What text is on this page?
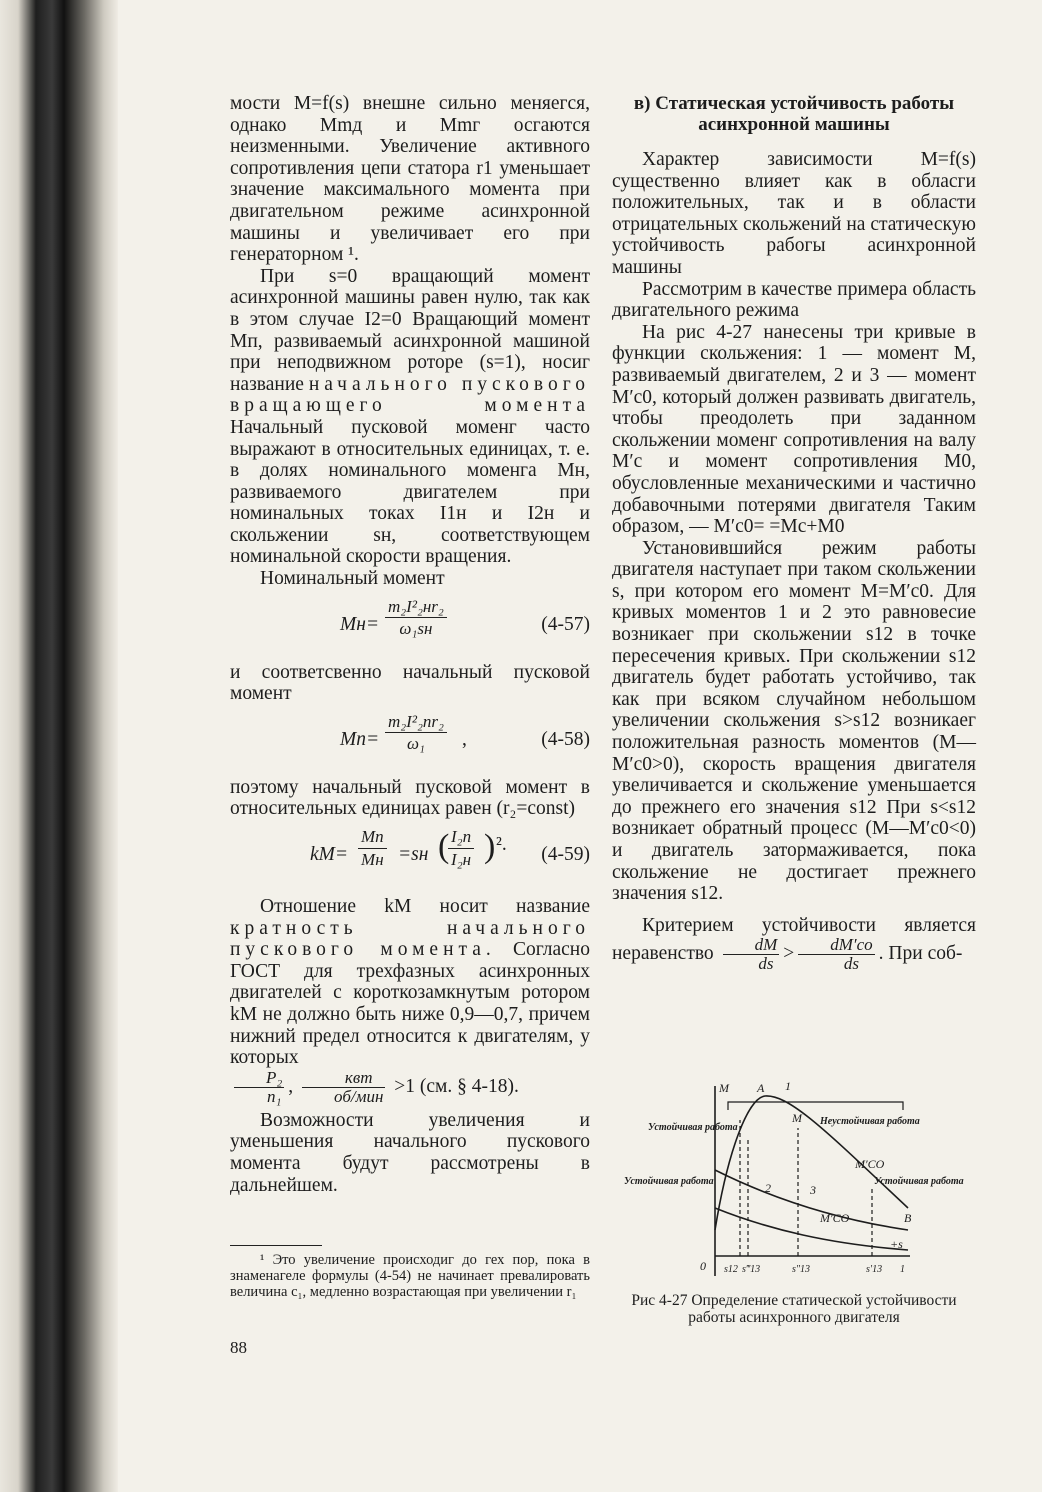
мости M=f(s) внешне сильно меняегся, однако Mmд и Mmг осгаются неизменными. Увеличение активного сопротивления цепи статора r1 уменьшает значение максимального момента при двигательном режиме асинхронной машины и увеличивает его при генераторном ¹.

При s=0 вращающий момент асинхронной машины равен нулю, так как в этом случае I2=0 Вращающий момент Mп, развиваемый асинхронной машиной при неподвижном роторе (s=1), носиг название начального пускового вращающего момента Начальный пусковой моменг часто выражают в относительных единицах, т. е. в долях номинального моменга Mн, развиваемого двигателем при номинальных токах I1н и I2н и скольжении sн, соответствующем номинальной скорости вращения.

Номинальный момент

Mн=
m₂I²₂нr₂
ω₁sн	(4-57)

и соответсвенно начальный пусковой момент

Mп=
m₂I²₂пr₂
ω₁	,	(4-58)

поэтому начальный пусковой момент в относительных единицах равен (r₂=const)

kM=
Mп
Mн =sн ( I₂п
I₂н ) ². (4-59)

Отношение kM носит название кратность начального пускового момента. Согласно ГОСТ для трехфазных асинхронных двигателей с короткозамкнутым ротором kM не должно быть ниже 0,9—0,7, причем нижний предел относится к двигателям, у которых

$\frac{\text{P₂}}{\text{n₁}}$ ,	квт
об/мин >1 (см. § 4-18).

Возможности увеличения и уменьшения начального пускового момента будут рассмотрены в дальнейшем.

¹ Это увеличение происходиг до гех пор, пока в знаменагеле формулы (4-54) не начинает превалировать величина c₁, медленно возрастающая при увеличении r₁

88

в) Статическая устойчивость работы асинхронной машины

Характер зависимости M=f(s) существенно влияет как в облaсги положительных, так и в области отрицательных скольжений на статическую устойчивость рабогы асинхронной машины

Рассмотрим в качестве примера область двигательного режима

На рис 4-27 нанесены три кривые в функции скольжения: 1 — момент M, развиваемый двигателем, 2 и 3 — момент M′c0, который должен развивать двигатель, чтобы преодолеть при заданном скольжении моменг сопротивления на валу M′c и момент сопротивления M0, обусловленные механическими и частично добавочными потерями двигателя Таким образом, — M′c0= =Mc+M0

Установившийся режим работы двигателя наступает при таком скольжении s, при котором его момент M=M′c0. Для кривых моментов 1 и 2 это равновесие возникаег при скольжении s12 в точке пересечения кривых. При скольжении s12 двигатель будет работать устойчиво, так как при всяком случайном небольшом увеличении скольжения s>s12 возникаег положительная разность моментов (M—M′c0>0), скорость вращения двигателя увеличивается и скольжение уменьшается до прежнего его значения s12 При s<s12 возникает обратный процесс (M—M′c0<0) и двигатель затормаживается, пока скольжение не достигает прежнего значения s12.

Критерием устойчивости является неравенство $\frac{dM}{ds} > \frac{dM'co}{ds}$ . При соб-

M
+s
0
A
M
B
1
2	3
M′CO
M′CO
s12 s‴13	s″13	s′13 1
Устойчивая работа
Неустойчивая работа
Устойчивая работа	Устойчивая работа
Рис 4-27 Определение статической устойчивости работы асинхронного двигателя
